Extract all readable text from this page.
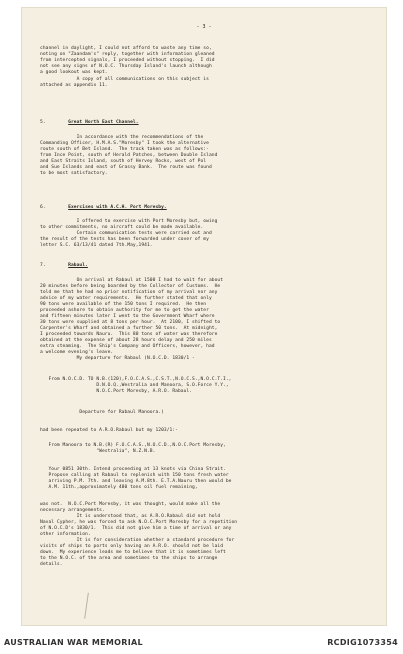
- 3 -
channel in daylight, I could not afford to waste any time so,
noting on "Zaandam's" reply, together with information gleaned
from intercepted signals, I proceeded without stopping.  I did
not see any signs of N.O.C. Thursday Island's launch although
a good lookout was kept.
A copy of all communications on this subject is
attached as appendix 11.
5.        Great North East Channel.
In accordance with the recommendations of the
Commanding Officer, H.M.A.S."Moresby" I took the alternative
route south of Bet Island.  The track taken was as follows:-
from Ince Point, south of Herald Patches, between Double Island
and East Straits Island, south of Hervey Rocks, west of Pol
and Sue Islands and east of Grassy Bank.  The route was found
to be most satisfactory.
6.        Exercises with A.C.H. Port Moresby.
I offered to exercise with Port Moresby but, owing
to other commitments, no aircraft could be made available.
Certain communication tests were carried out and
the result of the tests has been forwarded under cover of my
letter S.C. 63/13/41 dated 7th.May,1941.
7.        Rabaul.
On arrival at Rabaul at 1500 I had to wait for about
20 minutes before being boarded by the Collector of Customs.  He
told me that he had no prior notification of my arrival nor any
advice of my water requirements.  He further stated that only
90 tons were available of the 150 tons I required.  He then
proceeded ashore to obtain authority for me to get the water
and fifteen minutes later I went to the Government Wharf where
30 tons were supplied at 8 tons per hour.  At 2100, I shifted to
Carpenter's Wharf and obtained a further 50 tons.  At midnight,
I proceeded towards Nauru.  This 80 tons of water was therefore
obtained at the expense of about 28 hours delay and 250 miles
extra steaming.  The Ship's Company and Officers, however, had
a welcome evening's leave.
My departure for Rabaul (N.O.C.D. 1830/1 -
From N.O.C.D. TO N.B.(120),F.O.C.A.S.,C.S.T.,N.O.C.S.,N.O.C.T.I.,
D.N.O.Q.,Westralia and Manoora, S.O.Force Y.Y.,
N.O.C.Port Moresby, A.R.O. Rabaul.
Departure for Rabaul Manoora.)
had been repeated to A.R.O.Rabaul but my 1203/1:-
From Manoora to N.B.(R) F.O.C.A.S.,N.O.C.D.,N.O.C.Port Moresby,
"Westralia", N.Z.N.B.
Your 0851 30th. Intend proceeding at 13 knots via China Strait.
Propose calling at Rabaul to replenish with 150 tons fresh water
arriving P.M. 7th. and leaving A.M.8th. E.T.A.Nauru then would be
A.M. 11th.,approximately 480 tons oil fuel remaining,
was not.  N.O.C.Port Moresby, it was thought, would make all the
necessary arrangements.
It is understood that, as A.R.O.Rabaul did not hold
Naval Cypher, he was forced to ask N.O.C.Port Moresby for a repetition
of N.O.C.D's 1830/1.  This did not give him a time of arrival or any
other information.
It is for consideration whether a standard procedure for
visits of ships to ports only having an A.R.O. should not be laid
down.  My experience leads me to believe that it is sometimes left
to the N.O.C. of the area and sometimes to the ships to arrange
details.
AUSTRALIAN WAR MEMORIAL	RCDIG1073354
